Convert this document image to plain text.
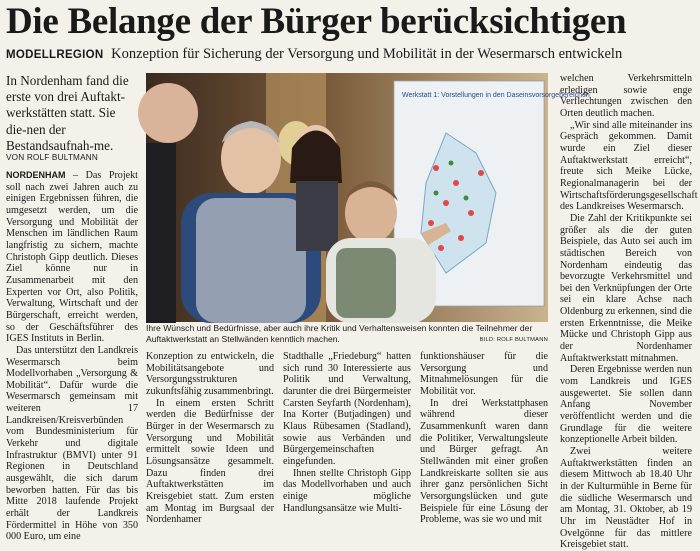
Die Belange der Bürger berücksichtigen
MODELLREGION Konzeption für Sicherung der Versorgung und Mobilität in der Wesermarsch entwickeln
In Nordenham fand die erste von drei Auftakt-werkstätten statt. Sie die-nen der Bestandsaufnah-me.
VON ROLF BULTMANN

NORDENHAM – Das Projekt soll nach zwei Jahren auch zu einigen Ergebnissen führen, die umgesetzt werden, um die Versorgung und Mobilität der Menschen im ländlichen Raum langfristig zu sichern, machte Christoph Gipp deutlich. Dieses Ziel könne nur in Zusammenarbeit mit den Experten vor Ort, also Politik, Verwaltung, Wirtschaft und der Bürgerschaft, erreicht werden, so der Geschäftsführer des IGES Instituts in Berlin.

Das unterstützt den Landkreis Wesermarsch beim Modellvorhaben „Versorgung & Mobilität“. Dafür wurde die Wesermarsch gemeinsam mit weiteren 17 Landkreisen/Kreisverbünden vom Bundesministerium für Verkehr und digitale Infrastruktur (BMVI) unter 91 Regionen in Deutschland ausgewählt, die sich darum beworben hatten. Für das bis Mitte 2018 laufende Projekt erhält der Landkreis Fördermittel in Höhe von 350 000 Euro, um eine

Werkstatt 1: Vorstellungen in den Daseinsvorsorgebereichen
Ihre Wünsch und Bedürfnisse, aber auch ihre Kritik und Verhaltensweisen konnten die Teilnehmer der Auftaktwerkstatt an Stellwänden kenntlich machen.	BILD: ROLF BULTMANN

Konzeption zu entwickeln, die Mobilitätsangebote und Versorgungsstrukturen zukunftsfähig zusammenbringt.

In einem ersten Schritt werden die Bedürfnisse der Bürger in der Wesermarsch zu Versorgung und Mobilität ermittelt sowie Ideen und Lösungsansätze gesammelt. Dazu finden drei Auftaktwerkstätten im Kreisgebiet statt. Zum ersten am Montag im Burgsaal der Nordenhamer

Stadthalle „Friedeburg“ hatten sich rund 30 Interessierte aus Politik und Verwaltung, darunter die drei Bürgermeister Carsten Seyfarth (Nordenham), Ina Korter (Butjadingen) und Klaus Rübesamen (Stadland), sowie aus Verbänden und Bürgergemeinschaften eingefunden.

Ihnen stellte Christoph Gipp das Modellvorhaben und auch einige mögliche Handlungsansätze wie Multi-

funktionshäuser für die Versorgung und Mitnahmelösungen für die Mobilität vor.

In drei Werkstattphasen während dieser Zusammenkunft waren dann die Politiker, Verwaltungsleute und Bürger gefragt. An Stellwänden mit einer großen Landkreiskarte sollten sie aus ihrer ganz persönlichen Sicht Versorgungslücken und gute Beispiele für eine Lösung der Probleme, was sie wo und mit

welchen Verkehrsmitteln erledigen sowie enge Verflechtungen zwischen den Orten deutlich machen.

„Wir sind alle miteinander ins Gespräch gekommen. Damit wurde ein Ziel dieser Auftaktwerkstatt erreicht“, freute sich Meike Lücke, Regionalmanagerin bei der Wirtschaftsförderungsgesellschaft des Landkreises Wesermarsch.

Die Zahl der Kritikpunkte sei größer als die der guten Beispiele, das Auto sei auch im städtischen Bereich von Nordenham eindeutig das bevorzugte Verkehrsmittel und bei den Verknüpfungen der Orte sei ein klare Achse nach Oldenburg zu erkennen, sind die ersten Erkenntnisse, die Meike Mücke und Christoph Gipp aus der Nordenhamer Auftaktwerkstatt mitnahmen.

Deren Ergebnisse werden nun vom Landkreis und IGES ausgewertet. Sie sollen dann Anfang November veröffentlicht werden und die Grundlage für die weitere konzeptionelle Arbeit bilden.

Zwei weitere Auftaktwerkstätten finden an diesem Mittwoch ab 18.40 Uhr in der Kulturmühle in Berne für die südliche Wesermarsch und am Montag, 31. Oktober, ab 19 Uhr im Neustädter Hof in Ovelgönne für das mittlere Kreisgebiet statt.
